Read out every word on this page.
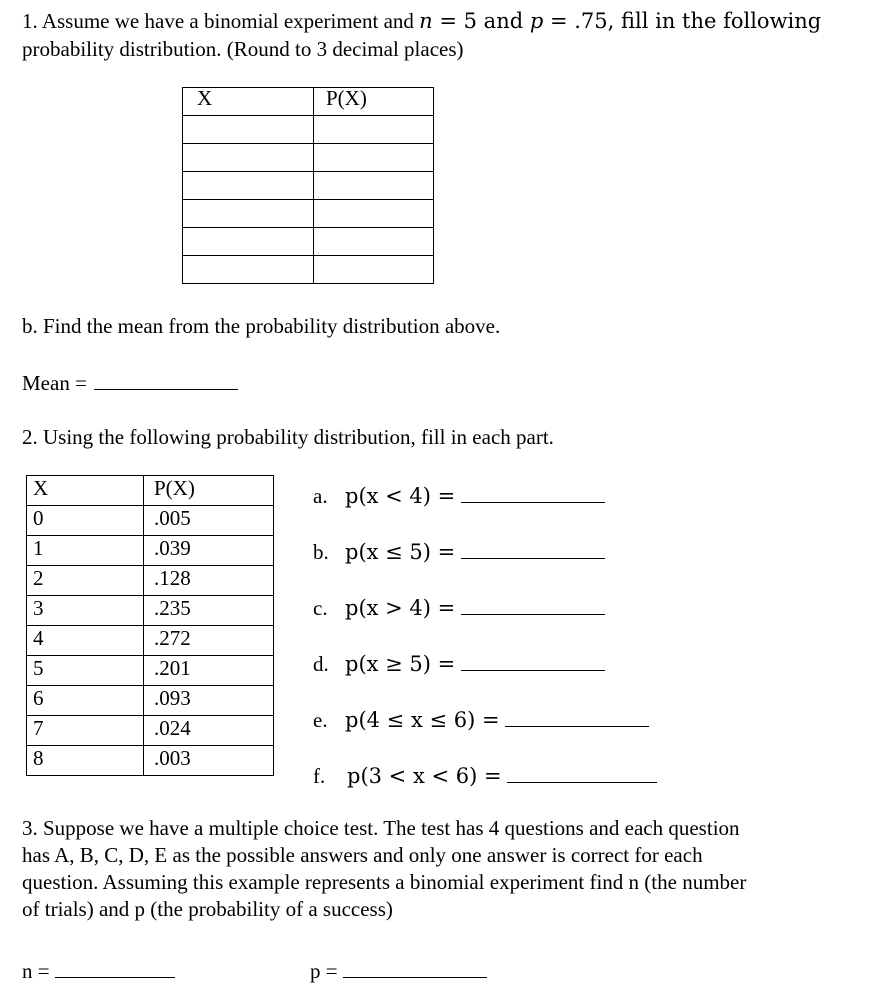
1. Assume we have a binomial experiment and n = 5 and p = .75, fill in the following
probability distribution. (Round to 3 decimal places)
X	P(X)

b. Find the mean from the probability distribution above.
Mean =
2. Using the following probability distribution, fill in each part.
X	P(X)
0	.005
1	.039
2	.128
3	.235
4	.272
5	.201
6	.093
7	.024
8	.003
a. p(x < 4) =
b. p(x ≤ 5) =
c. p(x > 4) =
d. p(x ≥ 5) =
e. p(4 ≤ x ≤ 6) =
f. p(3 < x < 6) =
3. Suppose we have a multiple choice test. The test has 4 questions and each question
has A, B, C, D, E as the possible answers and only one answer is correct for each
question. Assuming this example represents a binomial experiment find n (the number
of trials) and p (the probability of a success)
n =	p =
